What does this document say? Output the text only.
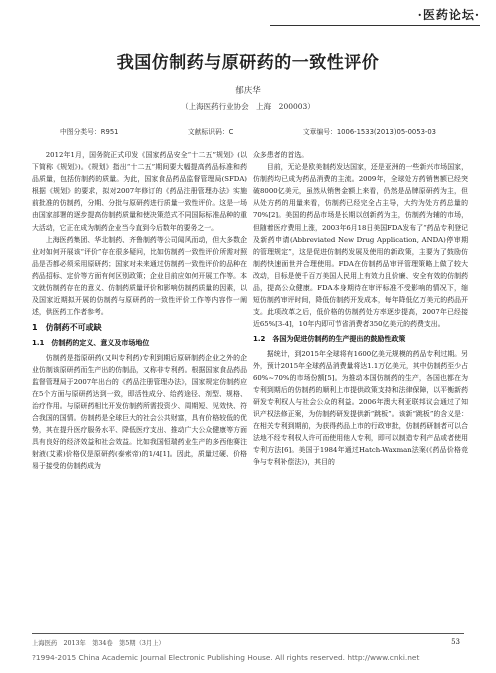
·医药论坛·
我国仿制药与原研药的一致性评价
郁庆华
（上海医药行业协会　上海　200003）
中图分类号：R951	文献标识码：C	文章编号：1006-1533(2013)05-0053-03

2012年1月，国务院正式印发《国家药品安全“十二五”规划》(以下简称《规划》)。《规划》指出“十二五”期间要大幅提高药品标准和药品质量，包括仿制药的质量。为此，国家食品药品监督管理局(SFDA)根据《规划》的要求，拟对2007年修订的《药品注册管理办法》实施前批准的仿制药，分期、分批与原研药进行质量一致性评价。这是一场由国家部署的逐步提高仿制药质量和使决策范式不同国际标准品种的重大活动，它正在成为制药企业当今直到今后数年的要务之一。

上海医药集团、华北制药、齐鲁制药等公司闻风而动，但大多数企业对如何开展该“评价”存在很多疑问，比如仿制药一致性评价所需对照品是否都必须采用原研药；国家对未来通过仿制药一致性评价的品种在药品招标、定价等方面有何区别政策；企业目前应如何开展工作等。本文就仿制药存在的意义、仿制药质量评价和影响仿制药质量的因素，以及国家近期拟开展的仿制药与原研药的一致性评价工作等内容作一阐述，供医药工作者参考。

1　仿制药不可或缺
1.1　仿制药的定义、意义及市场地位

仿制药是指原研药(又叫专利药)专利到期后原研制药企业之外的企业仿制该原研药而生产出的仿制品，又称非专利药。根据国家食品药品监督管理局于2007年出台的《药品注册管理办法》，国家规定仿制药应在5个方面与原研药达到一致，即活性成分、给药途径、剂型、规格、治疗作用。与原研药相比开发仿制药所需投资少、周期短、见效快、符合我国的国情。仿制药是全球巨大的社会公共财富，具有价格较低的优势，其在提升医疗服务水平、降低医疗支出、推动广大公众健康等方面具有良好的经济效益和社会效益。比如我国恒瑞药业生产的多西他赛注射液(艾素)价格仅是原研药(泰索帝)的1/4[1]。因此，质量过硬、价格易于接受的仿制药成为

众多患者的首选。

目前，无论是欧美制药发达国家，还是亚洲的一些新兴市场国家，仿制药均已成为药品消费的主流。2009年，全球处方药销售额已经突破8000亿美元，虽然从销售金额上来看，仍然是品牌原研药为主，但从处方药的用量来看，仿制药已经完全占主导，大约为处方药总量的70%[2]。美国的药品市场是长期以创新药为主，仿制药为辅的市场，但随着医疗费用上涨，2003年6月18日美国FDA发布了“药品专利登记及新药申请(Abbreviated New Drug Application, ANDA)停审期的管理规定”，这是促进仿制药发展及使用的新政策，主要为了鼓励仿制药快速面世并合理使用。FDA在仿制药品审评管理策略上做了较大改动，目标是使千百万美国人民用上有效力且价廉、安全有效的仿制药品，提高公众健康。FDA本身期待在审评标准不受影响的情况下，缩短仿制药审评时间，降低仿制药开发成本，每年降低亿万美元的药品开支。此项改革之后，低价格的仿制药处方率逐步提高，2007年已经接近65%[3-4]，10年内即可节省消费者350亿美元的药费支出。

1.2　各国为促进仿制药的生产提出的鼓励性政策

据统计，到2015年全球将有1600亿美元规模的药品专利过期。另外，预计2015年全球药品消费量将达1.1万亿美元，其中仿制药至少占60%~70%的市场份额[5]。为推动本国仿制药的生产，各国也都在为专利到期后的仿制药的顺利上市提供政策支持和法律保障，以平衡新药研发专利权人与社会公众的利益。2006年澳大利亚联邦议会通过了知识产权法修正案，为仿制药研发提供新“跳板”。该新“跳板”的含义是：在相关专利到期前，为获得药品上市的行政审批，仿制药研制者可以合法地不经专利权人许可而使用他人专利，即可以制造专利产品或者使用专利方法[6]。美国于1984年通过Hatch-Waxman法案(《药品价格竞争与专利补偿法》)，其目的

上海医药　2013年　第34卷　第5期（3月上）	53
?1994-2015 China Academic Journal Electronic Publishing House. All rights reserved. http://www.cnki.net
